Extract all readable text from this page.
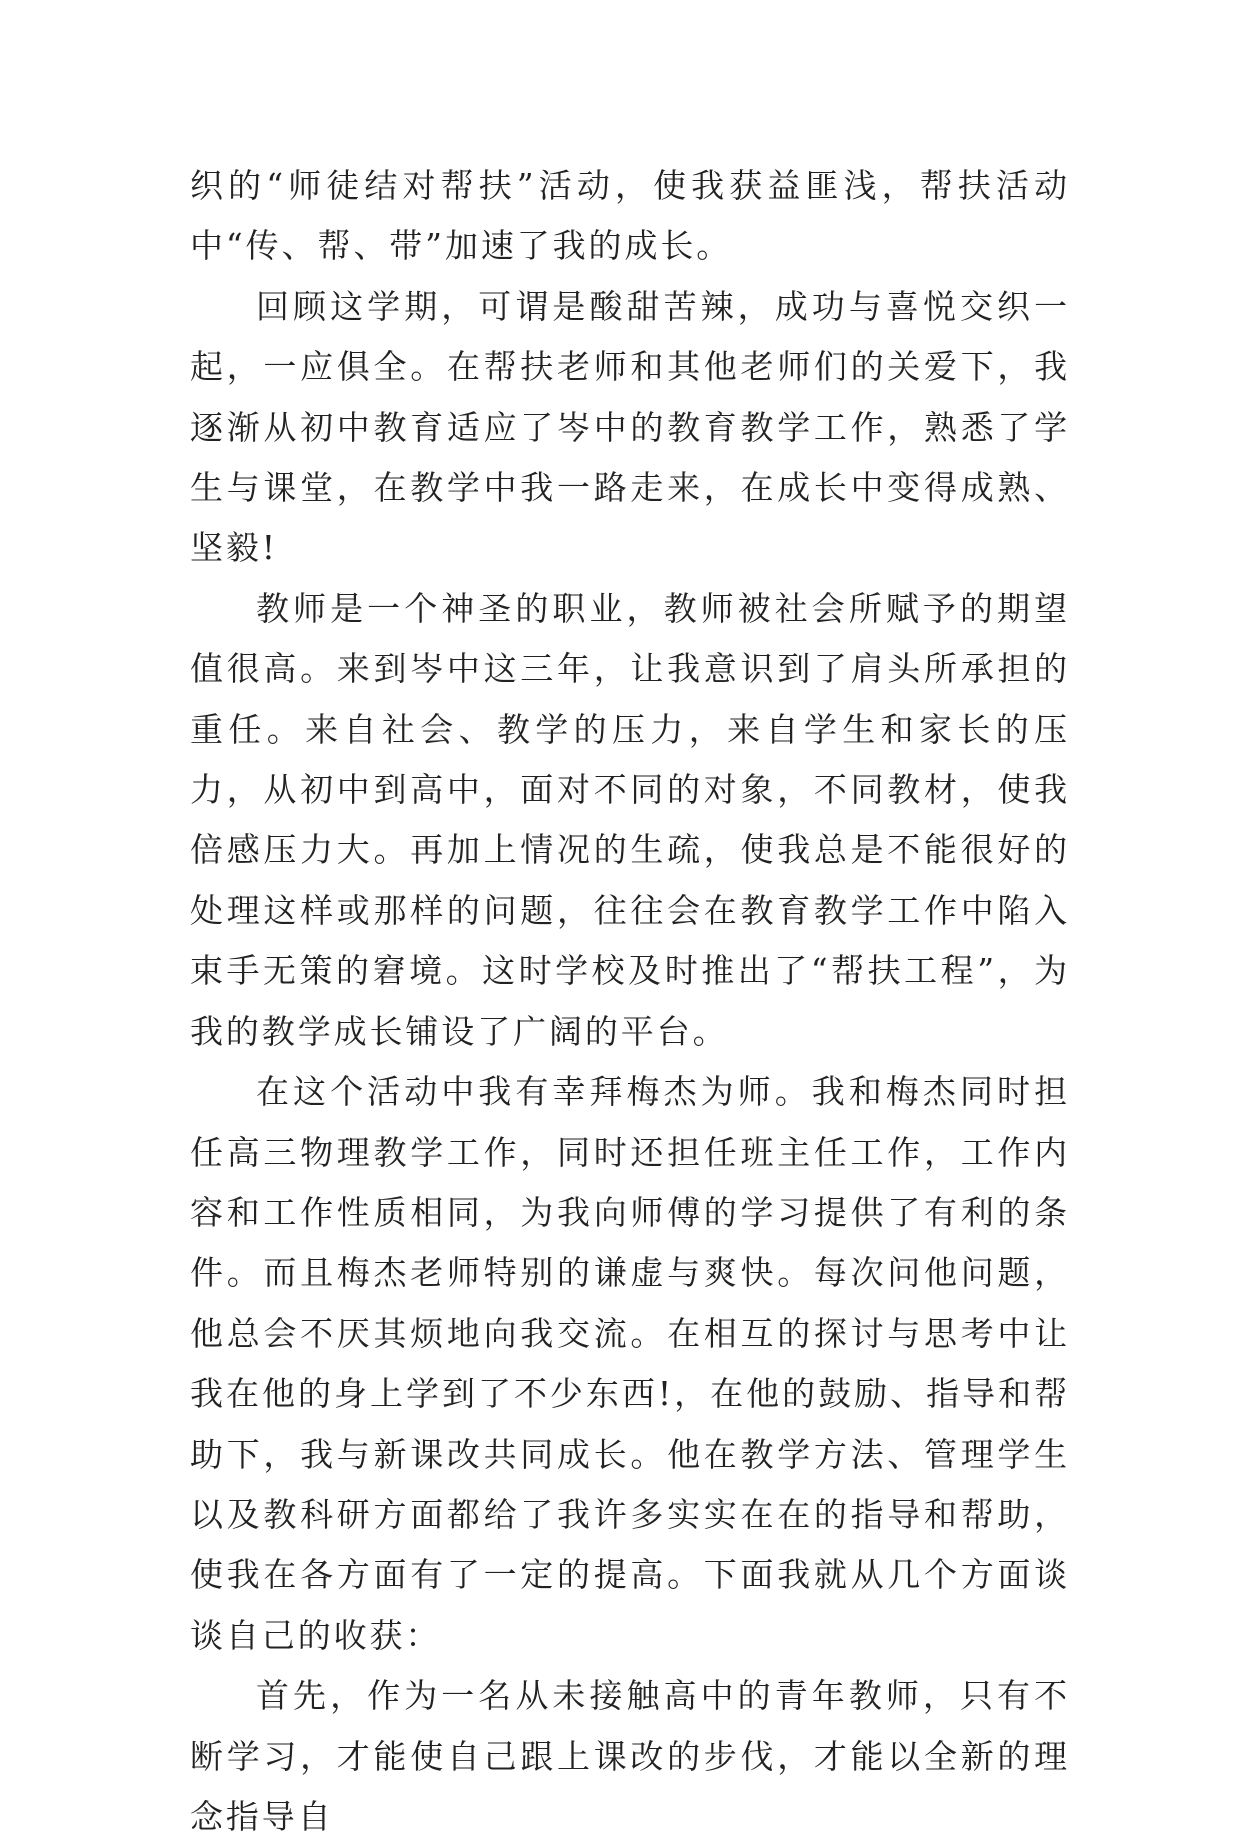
织的“师徒结对帮扶”活动，使我获益匪浅，帮扶活动中“传、帮、带”加速了我的成长。

回顾这学期，可谓是酸甜苦辣，成功与喜悦交织一起，一应俱全。在帮扶老师和其他老师们的关爱下，我逐渐从初中教育适应了岑中的教育教学工作，熟悉了学生与课堂，在教学中我一路走来，在成长中变得成熟、坚毅!

教师是一个神圣的职业，教师被社会所赋予的期望值很高。来到岑中这三年，让我意识到了肩头所承担的重任。来自社会、教学的压力，来自学生和家长的压力，从初中到高中，面对不同的对象，不同教材，使我倍感压力大。再加上情况的生疏，使我总是不能很好的处理这样或那样的问题，往往会在教育教学工作中陷入束手无策的窘境。这时学校及时推出了“帮扶工程”，为我的教学成长铺设了广阔的平台。

在这个活动中我有幸拜梅杰为师。我和梅杰同时担任高三物理教学工作，同时还担任班主任工作，工作内容和工作性质相同，为我向师傅的学习提供了有利的条件。而且梅杰老师特别的谦虚与爽快。每次问他问题，他总会不厌其烦地向我交流。在相互的探讨与思考中让我在他的身上学到了不少东西!，在他的鼓励、指导和帮助下，我与新课改共同成长。他在教学方法、管理学生以及教科研方面都给了我许多实实在在的指导和帮助，使我在各方面有了一定的提高。下面我就从几个方面谈谈自己的收获：

首先，作为一名从未接触高中的青年教师，只有不断学习，才能使自己跟上课改的步伐，才能以全新的理念指导自
